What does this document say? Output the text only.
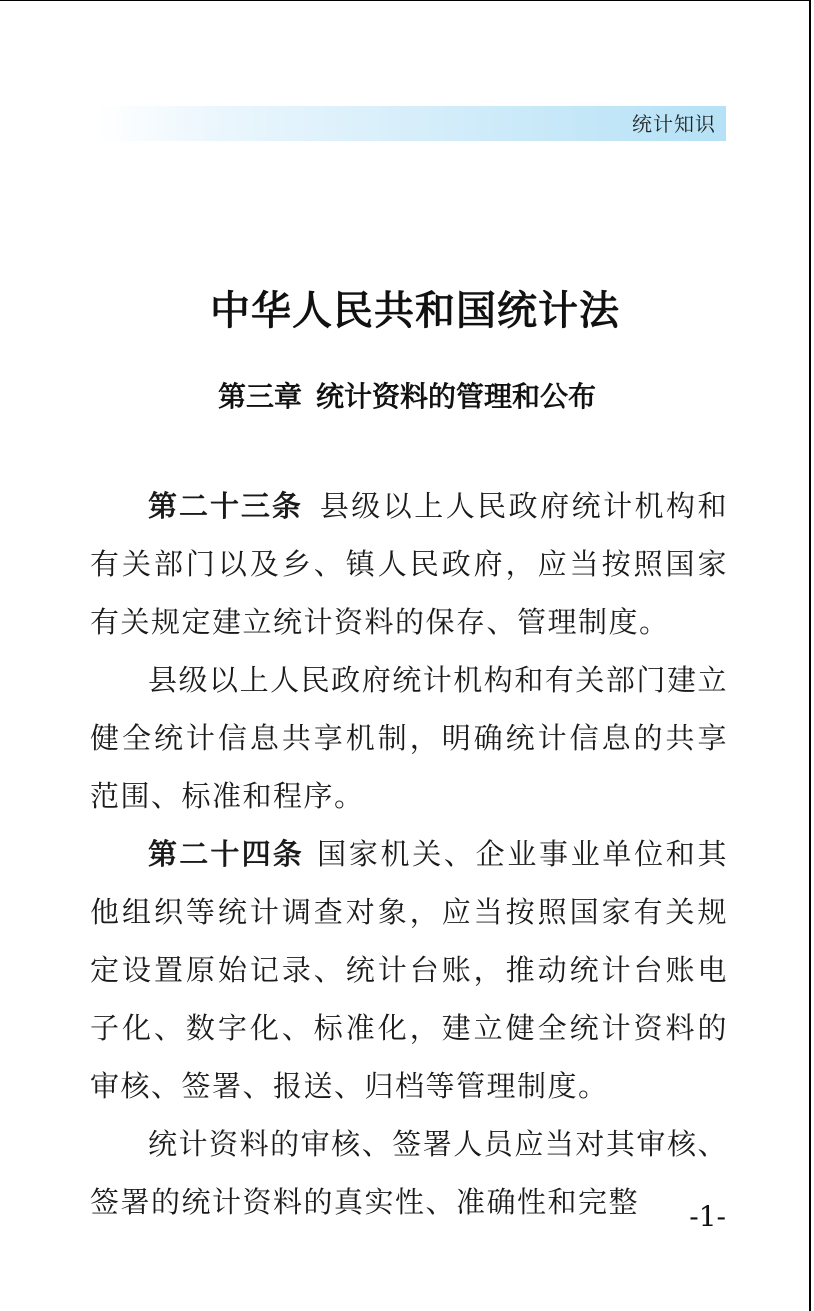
统计知识
中华人民共和国统计法
第三章 统计资料的管理和公布

第二十三条 县级以上人民政府统计机构和有关部门以及乡、镇人民政府，应当按照国家有关规定建立统计资料的保存、管理制度。

县级以上人民政府统计机构和有关部门建立健全统计信息共享机制，明确统计信息的共享范围、标准和程序。

第二十四条 国家机关、企业事业单位和其他组织等统计调查对象，应当按照国家有关规定设置原始记录、统计台账，推动统计台账电子化、数字化、标准化，建立健全统计资料的审核、签署、报送、归档等管理制度。

统计资料的审核、签署人员应当对其审核、签署的统计资料的真实性、准确性和完整	-1-
